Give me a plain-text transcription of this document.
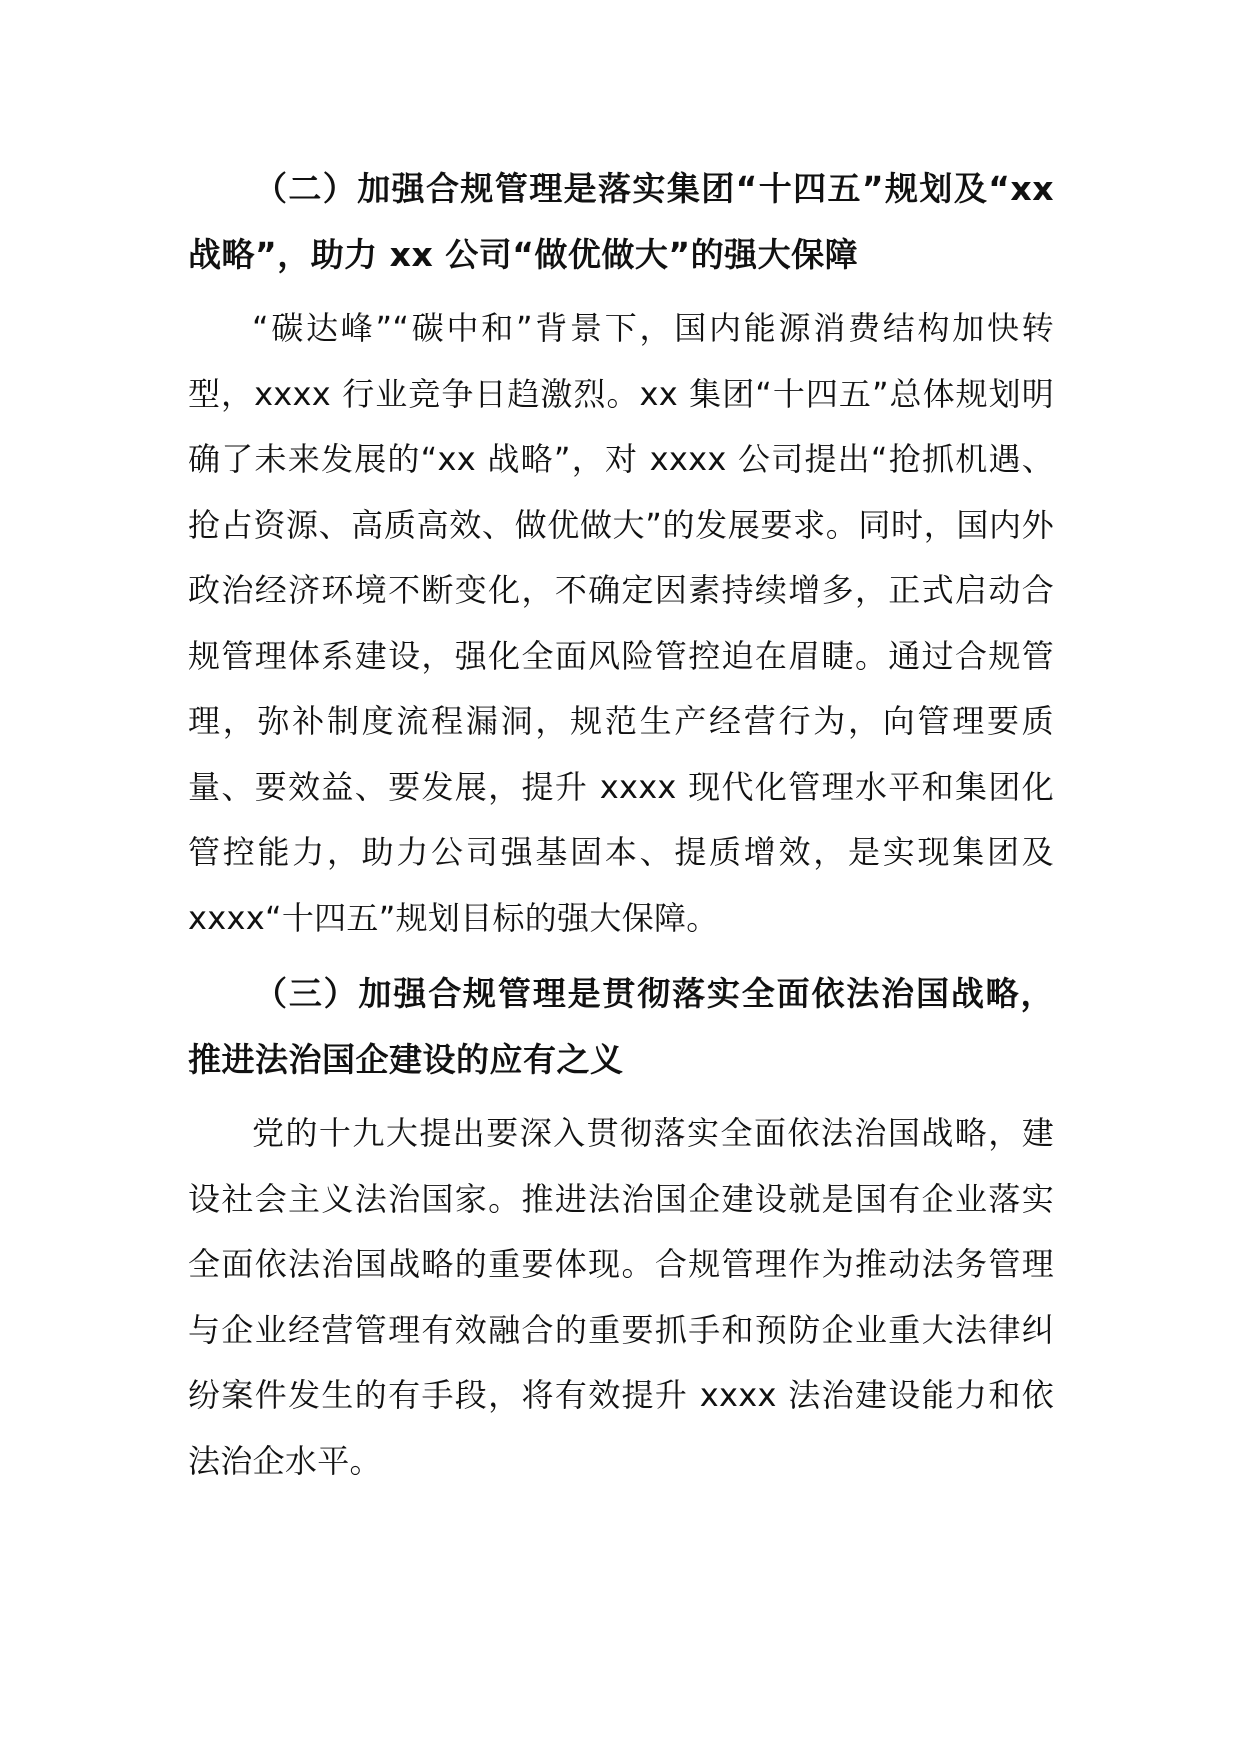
（二）加强合规管理是落实集团“十四五”规划及“xx战略”，助力 xx 公司“做优做大”的强大保障

“碳达峰”“碳中和”背景下，国内能源消费结构加快转型，xxxx 行业竞争日趋激烈。xx 集团“十四五”总体规划明确了未来发展的“xx 战略”，对 xxxx 公司提出“抢抓机遇、抢占资源、高质高效、做优做大”的发展要求。同时，国内外政治经济环境不断变化，不确定因素持续增多，正式启动合规管理体系建设，强化全面风险管控迫在眉睫。通过合规管理，弥补制度流程漏洞，规范生产经营行为，向管理要质量、要效益、要发展，提升 xxxx 现代化管理水平和集团化管控能力，助力公司强基固本、提质增效，是实现集团及 xxxx“十四五”规划目标的强大保障。

（三）加强合规管理是贯彻落实全面依法治国战略，推进法治国企建设的应有之义

党的十九大提出要深入贯彻落实全面依法治国战略，建设社会主义法治国家。推进法治国企建设就是国有企业落实全面依法治国战略的重要体现。合规管理作为推动法务管理与企业经营管理有效融合的重要抓手和预防企业重大法律纠纷案件发生的有手段，将有效提升 xxxx 法治建设能力和依法治企水平。
